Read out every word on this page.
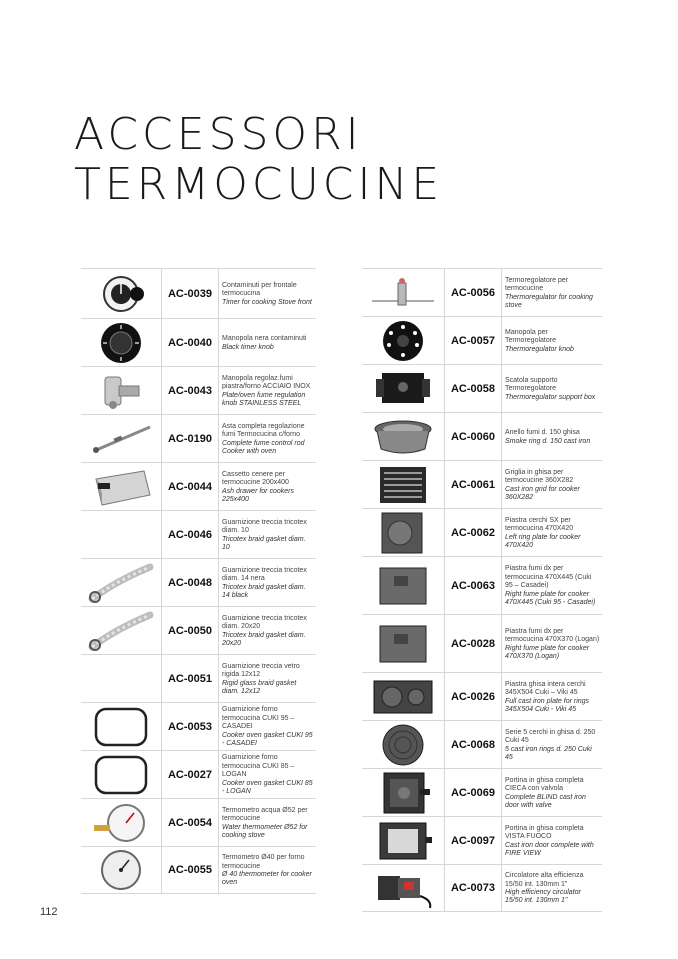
ACCESSORI
TERMOCUCINE
AC-0039
Contaminuti per frontale termocucina
Timer for cooking Stove front
AC-0040	Manopola nera contaminuti
Black timer knob
AC-0043
Manopola regolaz.fumi piastra/forno ACCIAIO INOX
Plate/oven fume regulation knob STAINLESS STEEL
AC-0190
Asta completa regolazione fumi Termocucina c/forno
Complete fume control rod Cooker with oven
AC-0044
Cassetto cenere per termocucine 200x400
Ash drawer for cookers 225x400
AC-0046
Guarnizione treccia tricotex diam. 10
Tricotex braid gasket diam. 10
AC-0048
Guarnizione treccia tricotex diam. 14 nera
Tricotex braid gasket diam. 14 black
AC-0050
Guarnizione treccia tricotex diam. 20x20
Tricotex braid gasket diam. 20x20
AC-0051
Guarnizione treccia vetro rigida 12x12
Rigid glass braid gasket diam. 12x12
AC-0053
Guarnizione forno termocucina CUKI 95 – CASADEI
Cooker oven gasket CUKI 95 - CASADEI
AC-0027
Guarnizione forno termocucina CUKI 85 – LOGAN
Cooker oven gasket CUKI 85 - LOGAN
AC-0054
Termometro acqua Ø52 per termocucine
Water thermometer Ø52 for cooking stove
AC-0055
Termometro Ø40 per forno termocucine
Ø 40 thermometer for cooker oven
AC-0056
Termoregolatore per termocucine
Thermoregulator for cooking stove
AC-0057
Manopola per Termoregolatore
Thermoregulator knob
AC-0058
Scatola supporto Termoregolatore
Thermoregulator support box
AC-0060	Anello fumi d. 150 ghisa
Smoke ring d. 150 cast iron
AC-0061
Griglia in ghisa per termocucine 360X282
Cast iron grid for cooker 360X282
AC-0062
Piastra cerchi SX per termocucina 470X420
Left ring plate for cooker 470X420
AC-0063
Piastra fumi dx per termocucina 470X445 (Cuki 95 – Casadei)
Right fume plate for cooker 470X445 (Cuki 95 - Casadei)
AC-0028
Piastra fumi dx per termocucina 470X370 (Logan)
Right fume plate for cooker 470X370 (Logan)
AC-0026
Piastra ghisa intera cerchi 345X504 Cuki – Viki 45
Full cast iron plate for rings 345X504 Cuki - Viki 45
AC-0068
Serie 5 cerchi in ghisa d. 250 Cuki 45
5 cast iron rings d. 250 Cuki 45
AC-0069
Portina in ghisa completa CIECA con valvola
Complete BLIND cast iron door with valve
AC-0097
Portina in ghisa completa VISTA FUOCO
Cast iron door complete with FIRE VIEW
AC-0073
Circolatore alta efficienza 15/50 int. 130mm 1"
High efficiency circulator 15/50 int. 130mm 1"
112
